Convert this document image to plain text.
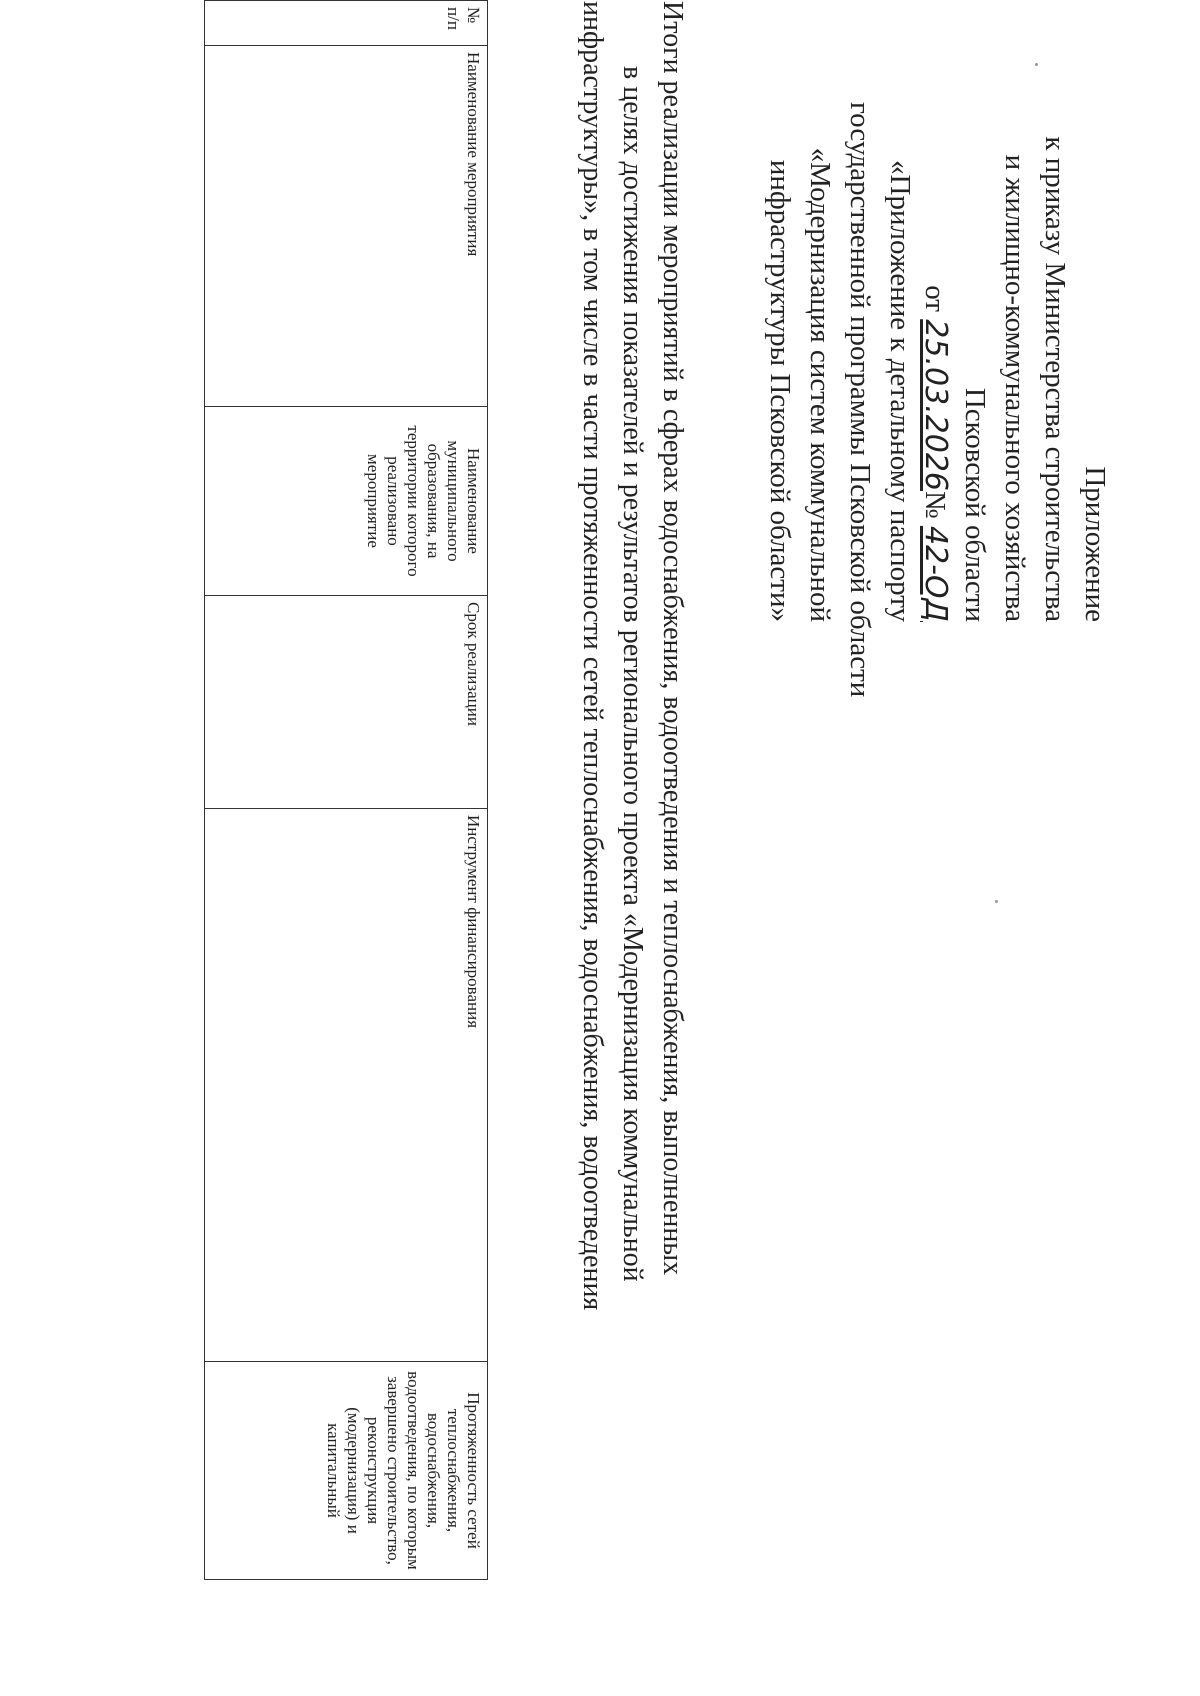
Приложение
к приказу Министерства строительства
и жилищно-коммунального хозяйства
Псковской области
от 25.03.2026№ 42-ОД
«Приложение к детальному паспорту
государственной программы Псковской области
«Модернизация систем коммунальной
инфраструктуры Псковской области»
Итоги реализации мероприятий в сферах водоснабжения, водоотведения и теплоснабжения, выполненных
в целях достижения показателей и результатов регионального проекта «Модернизация коммунальной
инфраструктуры», в том числе в части протяженности сетей теплоснабжения, водоснабжения, водоотведения
№ п/п	Наименование мероприятия	Наименование муниципального образования, на территории которого реализовано мероприятие	Срок реализации	Инструмент финансирования	Протяженность сетей теплоснабжения, водоснабжения, водоотведения, по которым завершено строительство, реконструкция (модернизация) и капитальный
